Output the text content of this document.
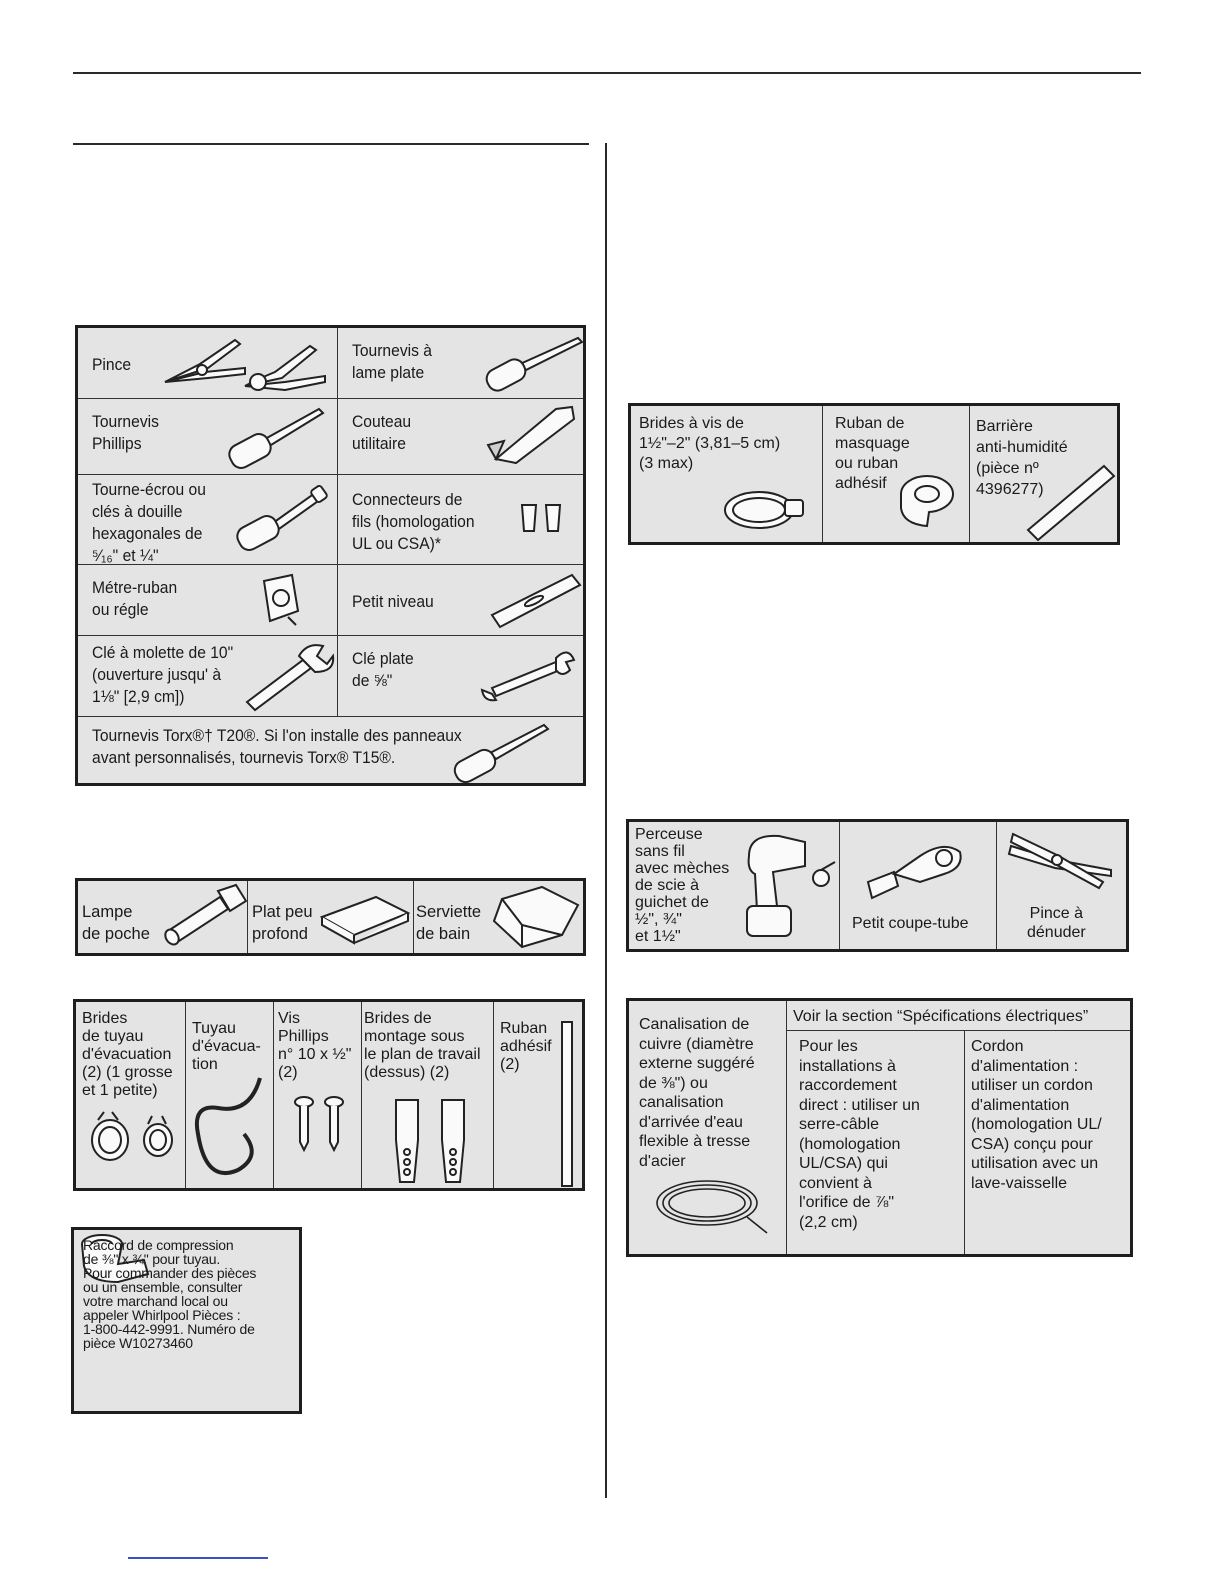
Pince
Tournevis à
lame plate
Tournevis
Phillips
Couteau
utilitaire
Tourne-écrou ou
clés à douille
hexagonales de
⁵⁄₁₆" et ¼"
Connecteurs de
fils (homologation
UL ou CSA)*
Métre-ruban
ou régle	Petit niveau
Clé à molette de 10"
(ouverture jusqu' à
1⅛" [2,9 cm])
Clé plate
de ⅝"
Tournevis Torx®† T20®. Si l'on installe des panneaux
avant personnalisés, tournevis Torx® T15®.
Lampe
de poche
Plat peu
profond
Serviette
de bain
Brides
de tuyau
d'évacuation
(2) (1 grosse
et 1 petite)
Tuyau
d'évacua-
tion
Vis
Phillips
n° 10 x ½"
(2)
Brides de
montage sous
le plan de travail
(dessus) (2)
Ruban
adhésif
(2)
Raccord de compression
de ⅜" x ¾" pour tuyau.
Pour commander des pièces
ou un ensemble, consulter
votre marchand local ou
appeler Whirlpool Pièces :
1-800-442-9991. Numéro de
pièce W10273460
Brides à vis de
1½"–2" (3,81–5 cm)
(3 max)
Ruban de
masquage
ou ruban
adhésif
Barrière
anti-humidité
(pièce nº
4396277)
Perceuse
sans fil
avec mèches
de scie à
guichet de
½", ¾"
et 1½"
Petit coupe-tube
Pince à
dénuder
Canalisation de
cuivre (diamètre
externe suggéré
de ⅜") ou
canalisation
d'arrivée d'eau
flexible à tresse
d'acier
Voir la section “Spécifications électriques”
Pour les
installations à
raccordement
direct : utiliser un
serre-câble
(homologation
UL/CSA) qui
convient à
l'orifice de ⅞"
(2,2 cm)
Cordon
d'alimentation :
utiliser un cordon
d'alimentation
(homologation UL/
CSA) conçu pour
utilisation avec un
lave-vaisselle
